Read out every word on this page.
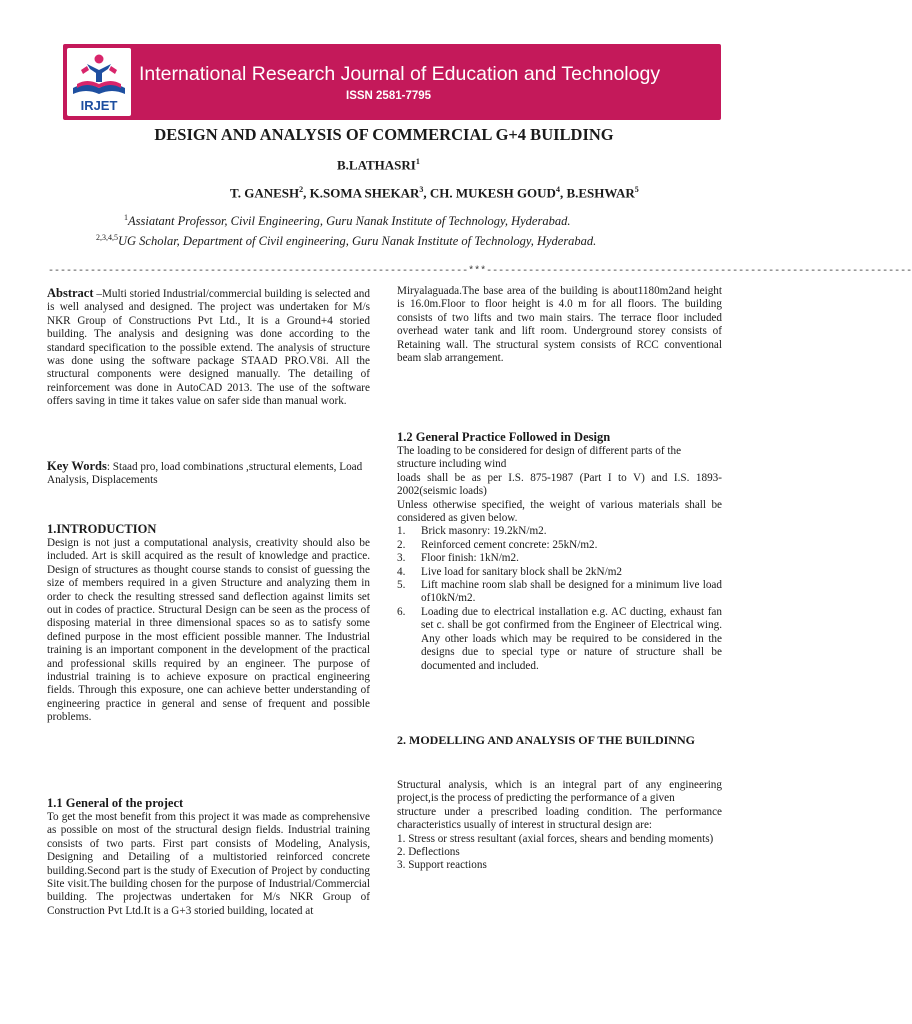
IRJET
International Research Journal of Education and Technology
ISSN 2581-7795
DESIGN AND ANALYSIS OF COMMERCIAL G+4 BUILDING
B.LATHASRI$^1$
T. GANESH$^2$, K.SOMA SHEKAR$^3$, CH. MUKESH GOUD$^4$, B.ESHWAR$^5$
$^1$Assiatant Professor, Civil Engineering, Guru Nanak Institute of Technology, Hyderabad.
$^{2,3,4,5}$UG Scholar, Department of Civil engineering, Guru Nanak Institute of Technology, Hyderabad.
----------------------------------------------------------------------***-----------------------------------------------------------------------

Abstract –Multi storied Industrial/commercial building is selected and is well analysed and designed. The project was undertaken for M/s NKR Group of Constructions Pvt Ltd., It is a Ground+4 storied building. The analysis and designing was done according to the standard specification to the possible extend. The analysis of structure was done using the software package STAAD PRO.V8i. All the structural components were designed manually. The detailing of reinforcement was done in AutoCAD 2013. The use of the software offers saving in time it takes value on safer side than manual work.

Key Words: Staad pro, load combinations ,structural elements, Load Analysis, Displacements

1.INTRODUCTION

Design is not just a computational analysis, creativity should also be included. Art is skill acquired as the result of knowledge and practice. Design of structures as thought course stands to consist of guessing the size of members required in a given Structure and analyzing them in order to check the resulting stressed sand deflection against limits set out in codes of practice. Structural Design can be seen as the process of disposing material in three dimensional spaces so as to satisfy some defined purpose in the most efficient possible manner. The Industrial training is an important component in the development of the practical and professional skills required by an engineer. The purpose of industrial training is to achieve exposure on practical engineering fields. Through this exposure, one can achieve better understanding of engineering practice in general and sense of frequent and possible problems.

1.1 General of the project

To get the most benefit from this project it was made as comprehensive as possible on most of the structural design fields. Industrial training consists of two parts. First part consists of Modeling, Analysis, Designing and Detailing of a multistoried reinforced concrete building.Second part is the study of Execution of Project by conducting Site visit.The building chosen for the purpose of Industrial/Commercial building. The projectwas undertaken for M/s NKR Group of Construction Pvt Ltd.It is a G+3 storied building, located at

Miryalaguada.The base area of the building is about1180m2and height is 16.0m.Floor to floor height is 4.0 m for all floors. The building consists of two lifts and two main stairs. The terrace floor included overhead water tank and lift room. Underground storey consists of Retaining wall. The structural system consists of RCC conventional beam slab arrangement.

1.2 General Practice Followed in Design

The loading to be considered for design of different parts of the structure including wind

loads shall be as per I.S. 875-1987 (Part I to V) and I.S. 1893-2002(seismic loads)

Unless otherwise specified, the weight of various materials shall be considered as given below.

1. Brick masonry: 19.2kN/m2.
2. Reinforced cement concrete: 25kN/m2.
3. Floor finish: 1kN/m2.
4. Live load for sanitary block shall be 2kN/m2
5. Lift machine room slab shall be designed for a minimum live load of10kN/m2.
6. Loading due to electrical installation e.g. AC ducting, exhaust fan set c. shall be got confirmed from the Engineer of Electrical wing. Any other loads which may be required to be considered in the designs due to special type or nature of structure shall be documented and included.

2. MODELLING AND ANALYSIS OF THE BUILDINNG

Structural analysis, which is an integral part of any engineering project,is the process of predicting the performance of a given

structure under a prescribed loading condition. The performance characteristics usually of interest in structural design are:

1. Stress or stress resultant (axial forces, shears and bending moments)
2. Deflections
3. Support reactions
